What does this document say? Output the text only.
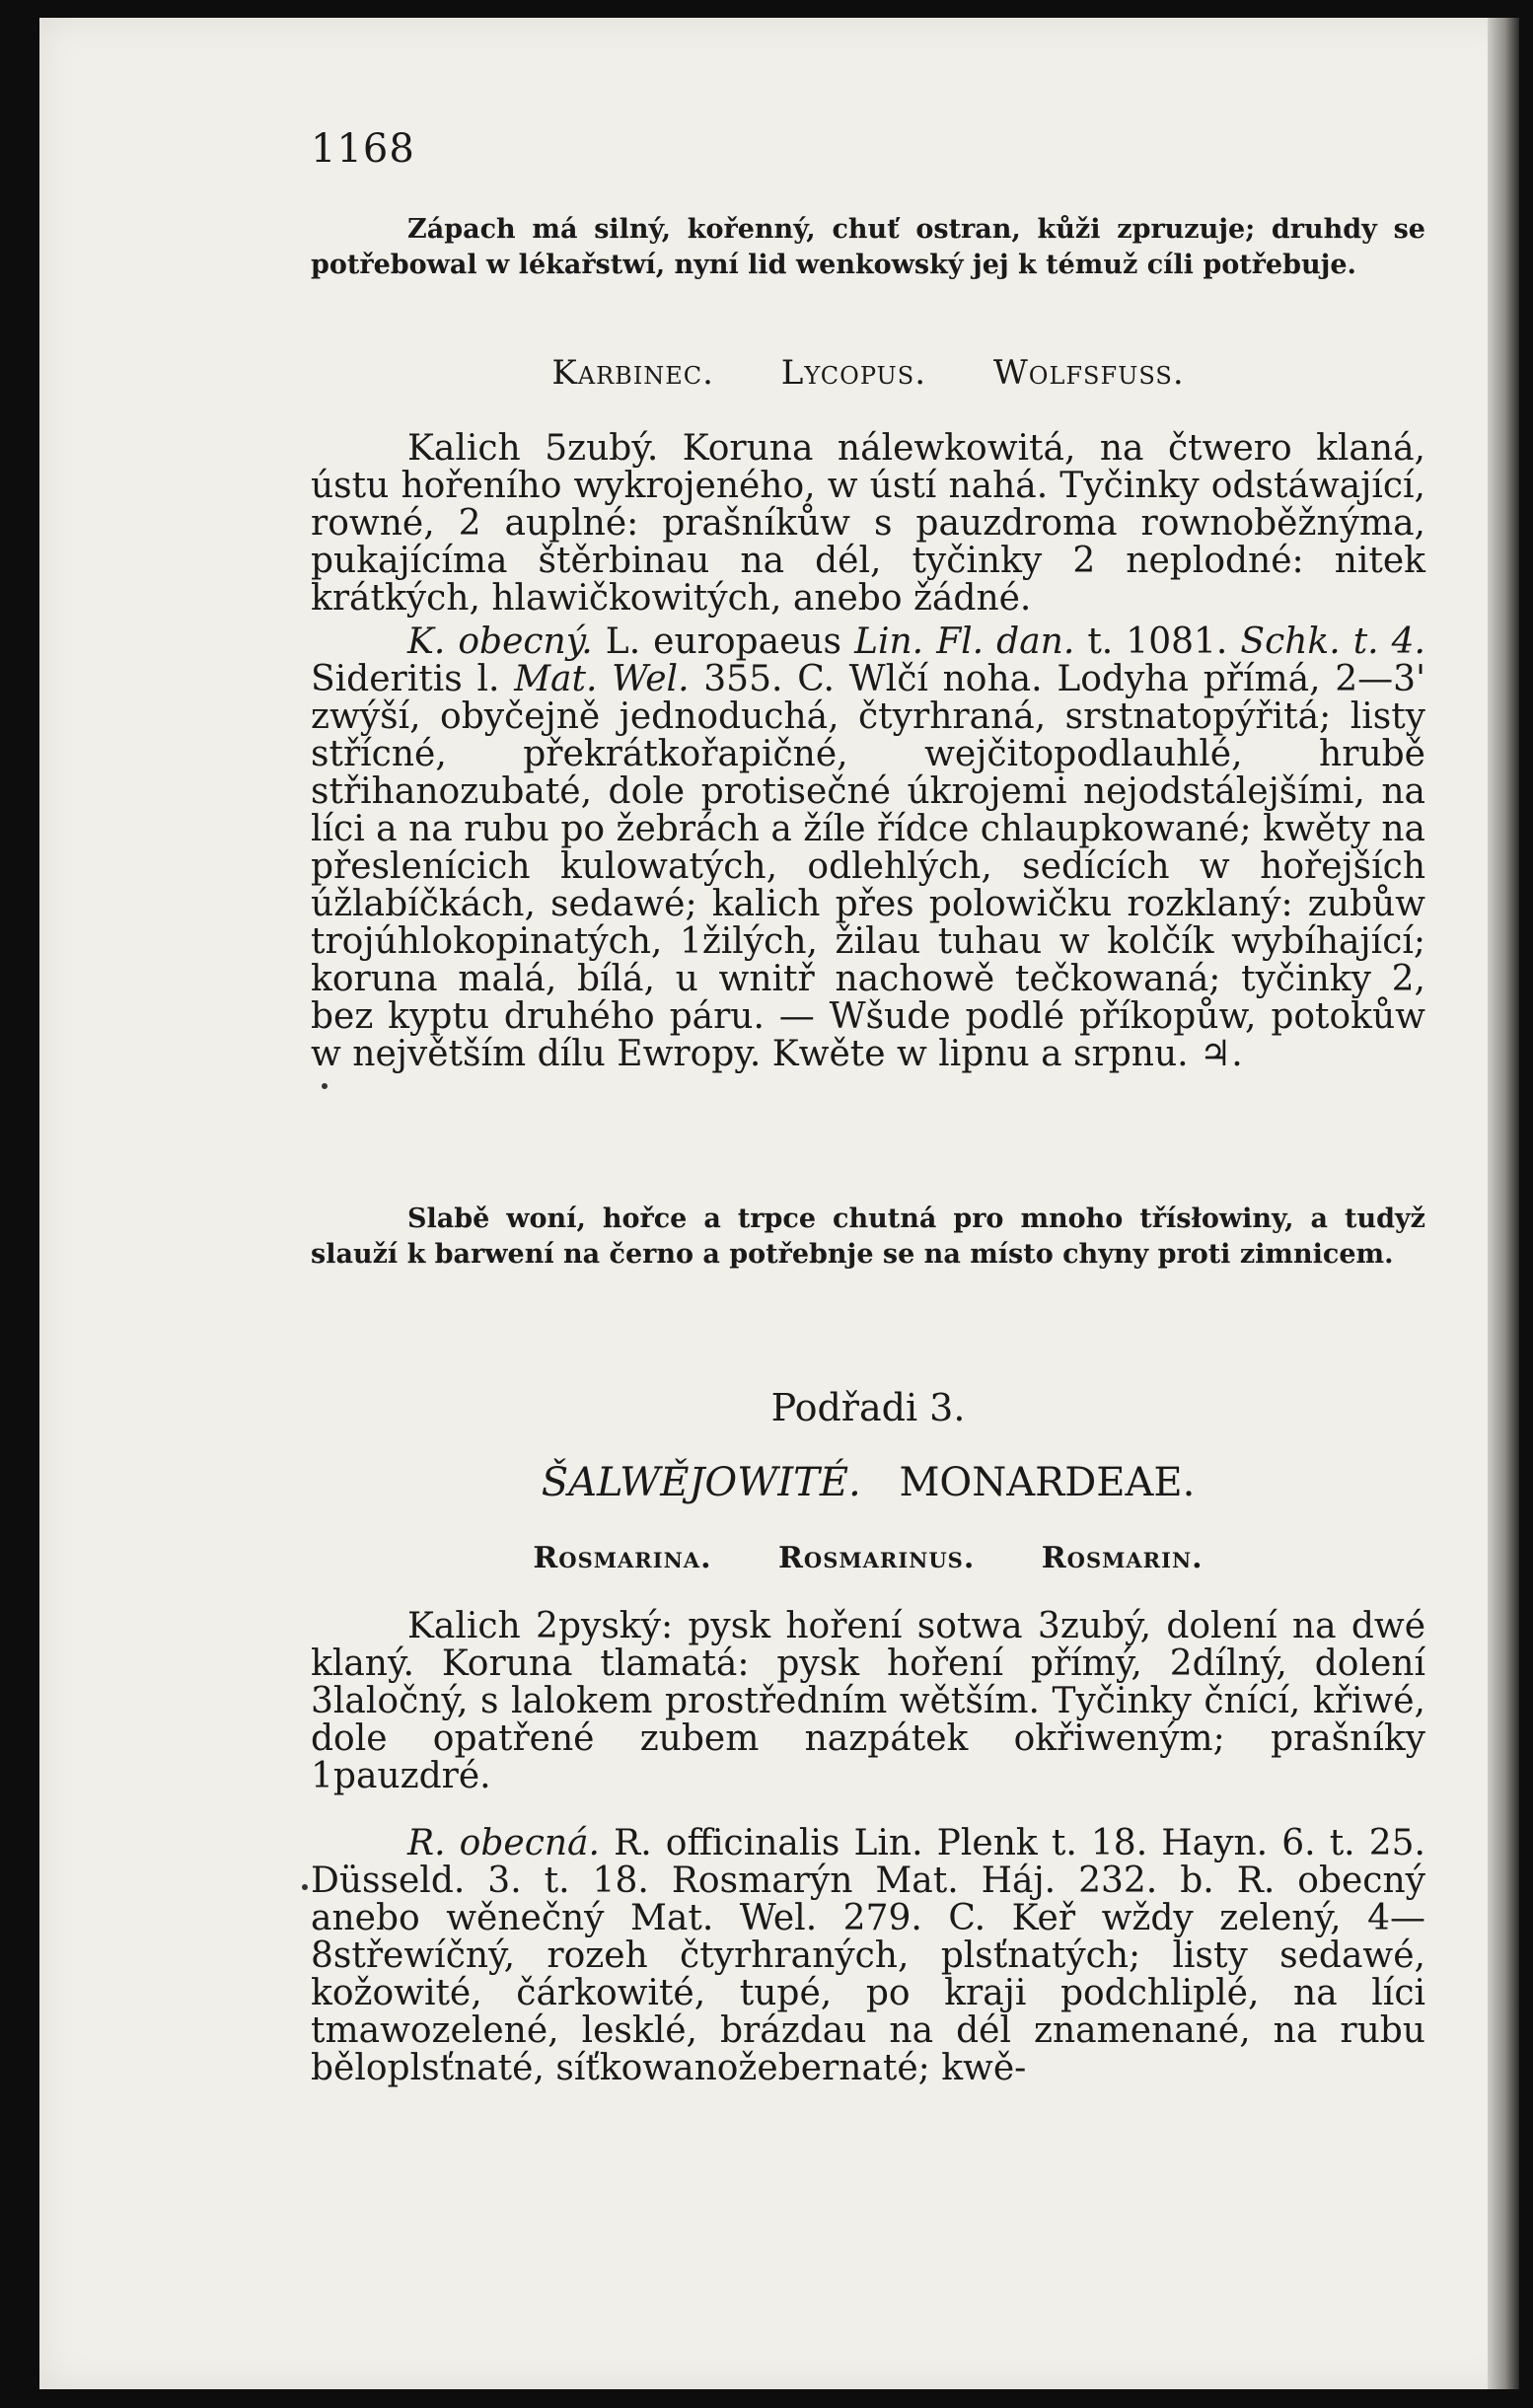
1168

Zápach má silný, kořenný, chuť ostran, kůži zpruzuje; druhdy se potřebowal w lékařstwí, nyní lid wenkowský jej k témuž cíli potřebuje.

Karbinec. Lycopus. Wolfsfuss.

Kalich 5zubý. Koruna nálewkowitá, na čtwero klaná, ústu hořeního wykrojeného, w ústí nahá. Tyčinky odstáwající, rowné, 2 auplné: prašníkůw s pauzdroma rownoběžnýma, pukajícíma štěrbinau na dél, tyčinky 2 neplodné: nitek krátkých, hlawičkowitých, anebo žádné.

K. obecný. L. europaeus Lin. Fl. dan. t. 1081. Schk. t. 4. Sideritis l. Mat. Wel. 355. C. Wlčí noha. Lodyha přímá, 2—3' zwýší, obyčejně jednoduchá, čtyrhraná, srstnatopýřitá; listy střícné, překrátkořapičné, wejčitopodlauhlé, hrubě střihanozubaté, dole protisečné úkrojemi nejodstálejšími, na líci a na rubu po žebrách a žíle řídce chlaupkowané; kwěty na přeslenícich kulowatých, odlehlých, sedících w hořejších úžlabíčkách, sedawé; kalich přes polowičku rozklaný: zubůw trojúhlokopinatých, 1žilých, žilau tuhau w kolčík wybíhající; koruna malá, bílá, u wnitř nachowě tečkowaná; tyčinky 2, bez kyptu druhého páru. — Wšude podlé příkopůw, potokůw w největším dílu Ewropy. Kwěte w lipnu a srpnu. ♃.

Slabě woní, hořce a trpce chutná pro mnoho třísłowiny, a tudyž slauží k barwení na černo a potřebnje se na místo chyny proti zimnicem.

Podřadi 3.

ŠALWĚJOWITÉ. MONARDEAE.

Rosmarina. Rosmarinus. Rosmarin.

Kalich 2pyský: pysk hoření sotwa 3zubý, dolení na dwé klaný. Koruna tlamatá: pysk hoření přímý, 2dílný, dolení 3laločný, s lalokem prostředním wětším. Tyčinky čnící, křiwé, dole opatřené zubem nazpátek okřiweným; prašníky 1pauzdré.

R. obecná. R. officinalis Lin. Plenk t. 18. Hayn. 6. t. 25. Düsseld. 3. t. 18. Rosmarýn Mat. Háj. 232. b. R. obecný anebo wěnečný Mat. Wel. 279. C. Keř wždy zelený, 4—8střewíčný, rozeh čtyrhraných, plsťnatých; listy sedawé, kožowité, čárkowité, tupé, po kraji podchliplé, na líci tmawozelené, lesklé, brázdau na dél znamenané, na rubu běloplsťnaté, síťkowanožebernaté; kwě-
